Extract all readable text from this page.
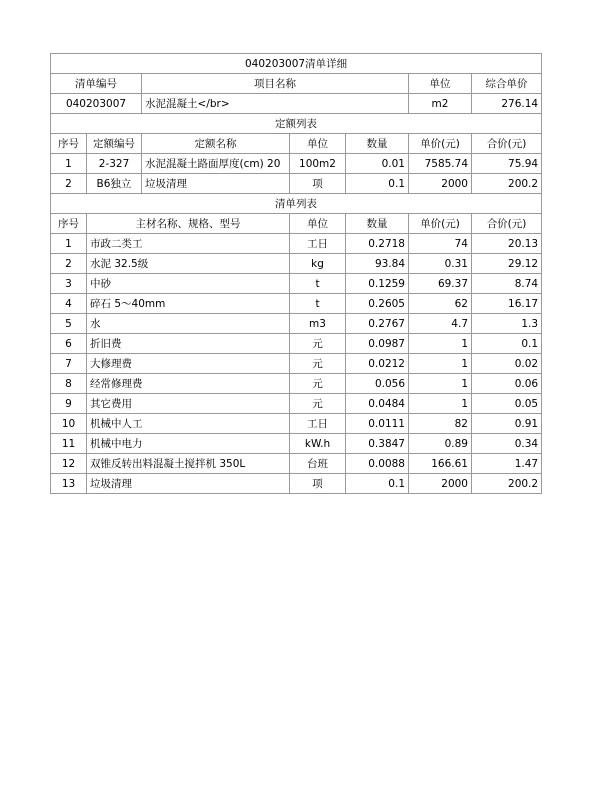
040203007清单详细						
清单编号		项目名称			单位	综合单价
040203007		水泥混凝土</br>			m2	276.14
定额列表						
序号	定额编号	定额名称	单位	数量	单价(元)	合价(元)
1	2-327	水泥混凝土路面厚度(cm) 20	100m2	0.01	7585.74	75.94
2	B6独立	垃圾清理	项	0.1	2000	200.2
清单列表						
序号	主材名称、规格、型号		单位	数量	单价(元)	合价(元)
1	市政二类工		工日	0.2718	74	20.13
2	水泥 32.5级		kg	93.84	0.31	29.12
3	中砂		t	0.1259	69.37	8.74
4	碎石 5～40mm		t	0.2605	62	16.17
5	水		m3	0.2767	4.7	1.3
6	折旧费		元	0.0987	1	0.1
7	大修理费		元	0.0212	1	0.02
8	经常修理费		元	0.056	1	0.06
9	其它费用		元	0.0484	1	0.05
10	机械中人工		工日	0.0111	82	0.91
11	机械中电力		kW.h	0.3847	0.89	0.34
12	双锥反转出料混凝土搅拌机 350L		台班	0.0088	166.61	1.47
13	垃圾清理		项	0.1	2000	200.2
